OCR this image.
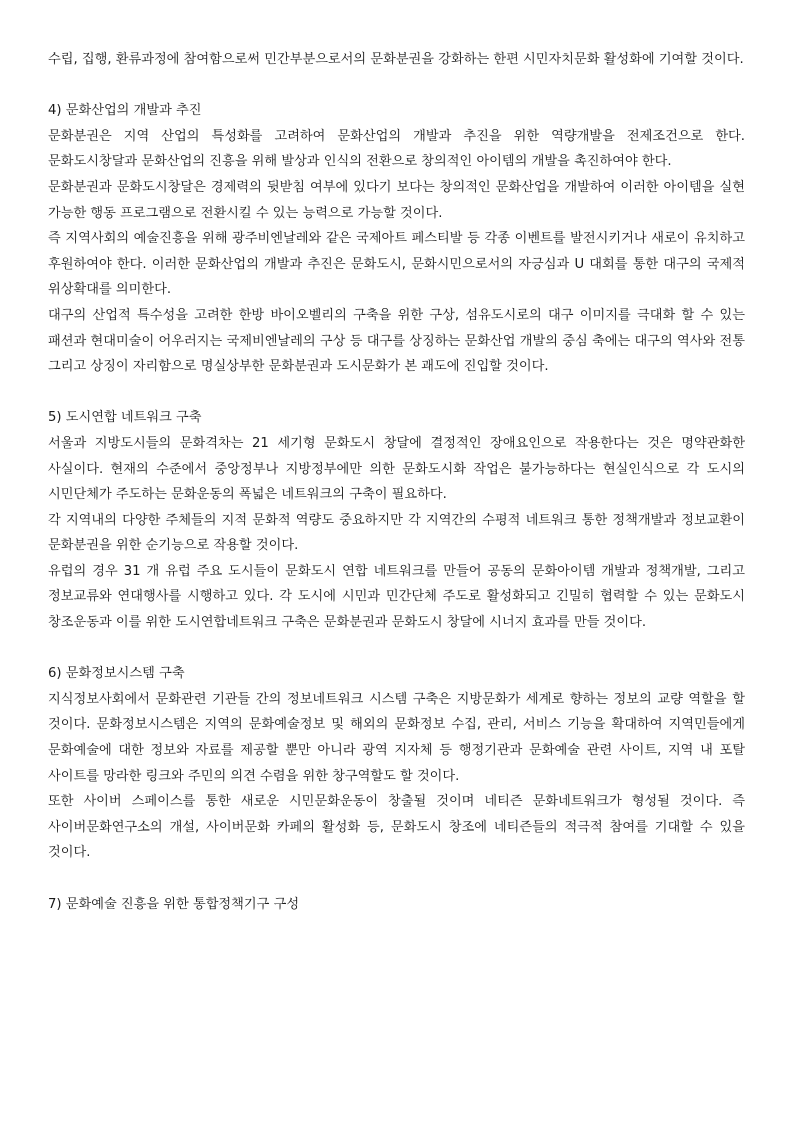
수립, 집행, 환류과정에 참여함으로써 민간부분으로서의 문화분권을 강화하는 한편 시민자치문화 활성화에 기여할 것이다.

4) 문화산업의 개발과 추진

문화분권은 지역 산업의 특성화를 고려하여 문화산업의 개발과 추진을 위한 역량개발을 전제조건으로 한다. 문화도시창달과 문화산업의 진흥을 위해 발상과 인식의 전환으로 창의적인 아이템의 개발을 촉진하여야 한다.

문화분권과 문화도시창달은 경제력의 뒷받침 여부에 있다기 보다는 창의적인 문화산업을 개발하여 이러한 아이템을 실현 가능한 행동 프로그램으로 전환시킬 수 있는 능력으로 가능할 것이다.

즉 지역사회의 예술진흥을 위해 광주비엔날레와 같은 국제아트 페스티발 등 각종 이벤트를 발전시키거나 새로이 유치하고 후원하여야 한다. 이러한 문화산업의 개발과 추진은 문화도시, 문화시민으로서의 자긍심과 U 대회를 통한 대구의 국제적 위상확대를 의미한다.

대구의 산업적 특수성을 고려한 한방 바이오벨리의 구축을 위한 구상, 섬유도시로의 대구 이미지를 극대화 할 수 있는 패션과 현대미술이 어우러지는 국제비엔날레의 구상 등 대구를 상징하는 문화산업 개발의 중심 축에는 대구의 역사와 전통 그리고 상징이 자리함으로 명실상부한 문화분권과 도시문화가 본 괘도에 진입할 것이다.

5) 도시연합 네트워크 구축

서울과 지방도시들의 문화격차는 21 세기형 문화도시 창달에 결정적인 장애요인으로 작용한다는 것은 명약관화한 사실이다. 현재의 수준에서 중앙정부나 지방정부에만 의한 문화도시화 작업은 불가능하다는 현실인식으로 각 도시의 시민단체가 주도하는 문화운동의 폭넓은 네트워크의 구축이 필요하다.

각 지역내의 다양한 주체들의 지적 문화적 역량도 중요하지만 각 지역간의 수평적 네트워크 통한 정책개발과 정보교환이 문화분권을 위한 순기능으로 작용할 것이다.

유럽의 경우 31 개 유럽 주요 도시들이 문화도시 연합 네트워크를 만들어 공동의 문화아이템 개발과 정책개발, 그리고 정보교류와 연대행사를 시행하고 있다. 각 도시에 시민과 민간단체 주도로 활성화되고 긴밀히 협력할 수 있는 문화도시 창조운동과 이를 위한 도시연합네트워크 구축은 문화분권과 문화도시 창달에 시너지 효과를 만들 것이다.

6) 문화정보시스템 구축

지식정보사회에서 문화관련 기관들 간의 정보네트워크 시스템 구축은 지방문화가 세계로 향하는 정보의 교량 역할을 할 것이다. 문화정보시스템은 지역의 문화예술정보 및 해외의 문화정보 수집, 관리, 서비스 기능을 확대하여 지역민들에게 문화예술에 대한 정보와 자료를 제공할 뿐만 아니라 광역 지자체 등 행정기관과 문화예술 관련 사이트, 지역 내 포탈 사이트를 망라한 링크와 주민의 의견 수렴을 위한 창구역할도 할 것이다.

또한 사이버 스페이스를 통한 새로운 시민문화운동이 창출될 것이며 네티즌 문화네트워크가 형성될 것이다. 즉 사이버문화연구소의 개설, 사이버문화 카페의 활성화 등, 문화도시 창조에 네티즌들의 적극적 참여를 기대할 수 있을 것이다.

7) 문화예술 진흥을 위한 통합정책기구 구성
